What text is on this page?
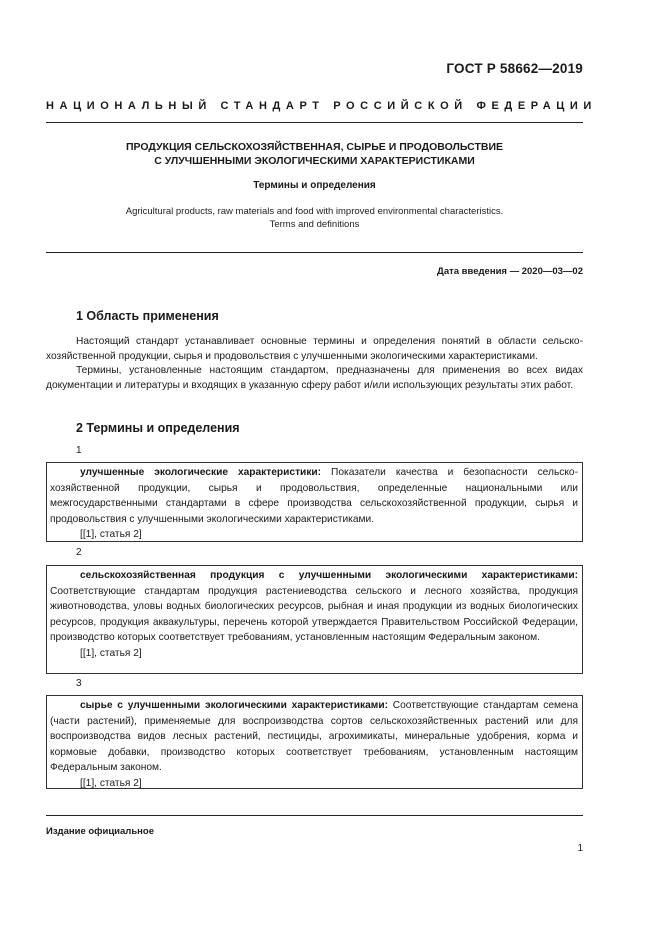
ГОСТ Р 58662—2019
НАЦИОНАЛЬНЫЙ СТАНДАРТ РОССИЙСКОЙ ФЕДЕРАЦИИ
ПРОДУКЦИЯ СЕЛЬСКОХОЗЯЙСТВЕННАЯ, СЫРЬЕ И ПРОДОВОЛЬСТВИЕ
С УЛУЧШЕННЫМИ ЭКОЛОГИЧЕСКИМИ ХАРАКТЕРИСТИКАМИ
Термины и определения
Agricultural products, raw materials and food with improved environmental characteristics.
Terms and definitions
Дата введения — 2020—03—02
1 Область применения
Настоящий стандарт устанавливает основные термины и определения понятий в области сельско-хозяйственной продукции, сырья и продовольствия с улучшенными экологическими характеристиками.
Термины, установленные настоящим стандартом, предназначены для применения во всех видах документации и литературы и входящих в указанную сферу работ и/или использующих результаты этих работ.
2 Термины и определения
1

улучшенные экологические характеристики: Показатели качества и безопасности сельско-хозяйственной продукции, сырья и продовольствия, определенные национальными или межгосударственными стандартами в сфере производства сельскохозяйственной продукции, сырья и продовольствия с улучшенными экологическими характеристиками.

[[1], статья 2]

2

сельскохозяйственная продукция с улучшенными экологическими характеристиками: Соответствующие стандартам продукция растениеводства сельского и лесного хозяйства, продукция животноводства, уловы водных биологических ресурсов, рыбная и иная продукции из водных биологических ресурсов, продукция аквакультуры, перечень которой утверждается Правительством Российской Федерации, производство которых соответствует требованиям, установленным настоящим Федеральным законом.

[[1], статья 2]

3

сырье с улучшенными экологическими характеристиками: Соответствующие стандартам семена (части растений), применяемые для воспроизводства сортов сельскохозяйственных растений или для воспроизводства видов лесных растений, пестициды, агрохимикаты, минеральные удобрения, корма и кормовые добавки, производство которых соответствует требованиям, установленным настоящим Федеральным законом.

[[1], статья 2]

Издание официальное
1
